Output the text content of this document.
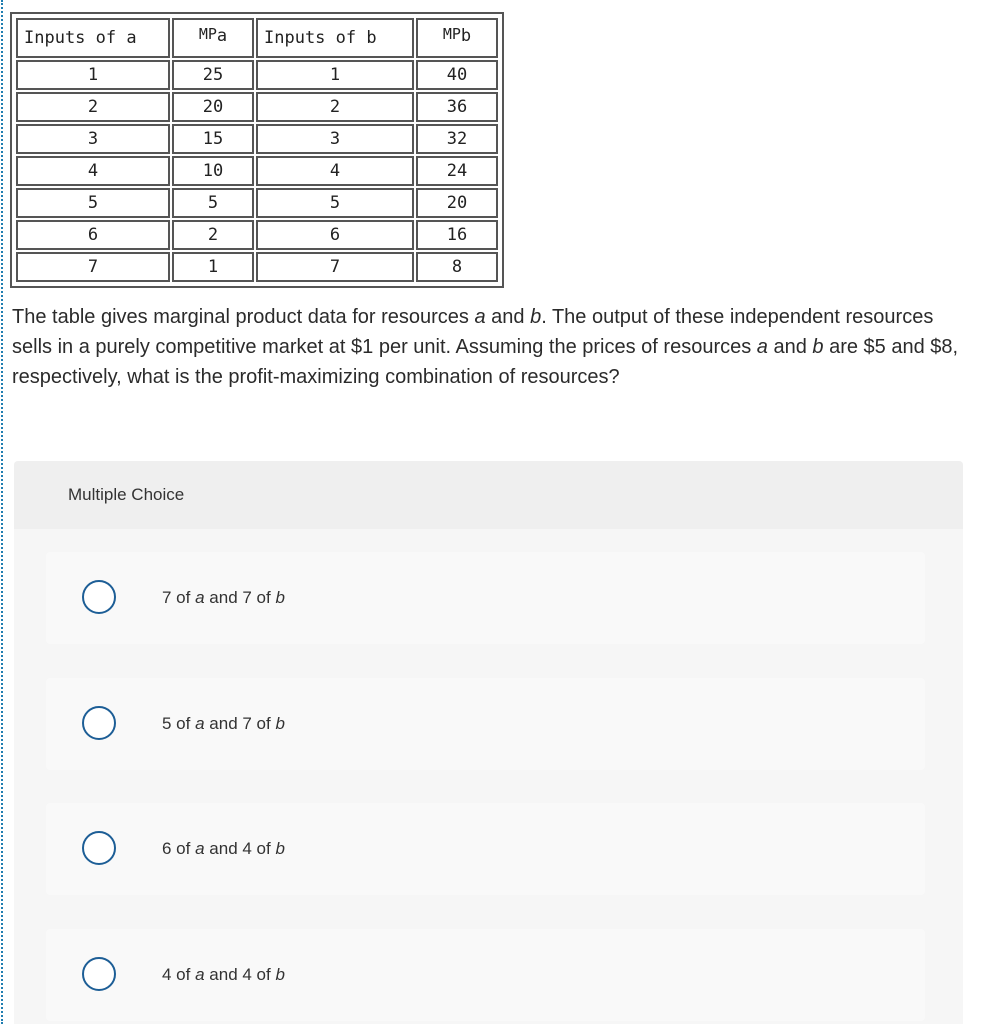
Inputs of a	MPa	Inputs of b	MPb
1	25	1	40
2	20	2	36
3	15	3	32
4	10	4	24
5	5	5	20
6	2	6	16
7	1	7	8
The table gives marginal product data for resources a and b. The output of these independent resources sells in a purely competitive market at $1 per unit. Assuming the prices of resources a and b are $5 and $8, respectively, what is the profit-maximizing combination of resources?
Multiple Choice
7 of a and 7 of b
5 of a and 7 of b
6 of a and 4 of b
4 of a and 4 of b
